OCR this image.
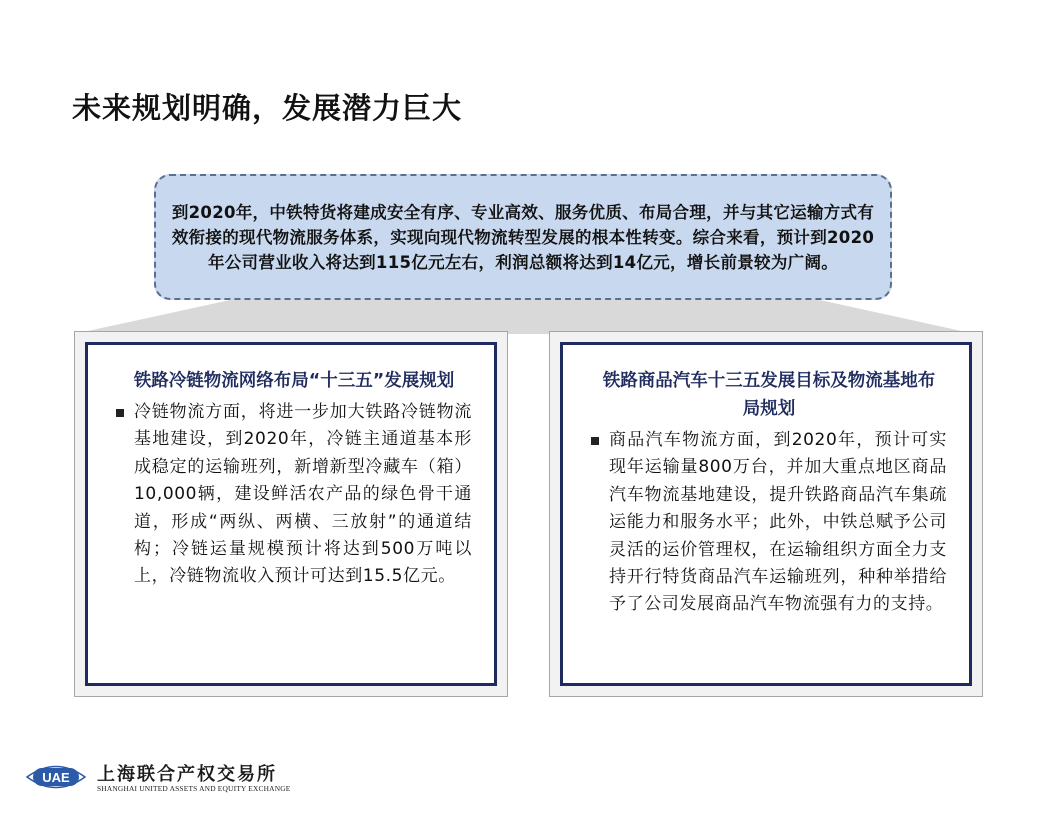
未来规划明确，发展潜力巨大
到2020年，中铁特货将建成安全有序、专业高效、服务优质、布局合理，并与其它运输方式有效衔接的现代物流服务体系，实现向现代物流转型发展的根本性转变。综合来看，预计到2020年公司营业收入将达到115亿元左右，利润总额将达到14亿元，增长前景较为广阔。
铁路冷链物流网络布局“十三五”发展规划
冷链物流方面，将进一步加大铁路冷链物流基地建设，到2020年，冷链主通道基本形成稳定的运输班列，新增新型冷藏车（箱）10,000辆，建设鲜活农产品的绿色骨干通道，形成“两纵、两横、三放射”的通道结构；冷链运量规模预计将达到500万吨以上，冷链物流收入预计可达到15.5亿元。
铁路商品汽车十三五发展目标及物流基地布局规划
商品汽车物流方面，到2020年，预计可实现年运输量800万台，并加大重点地区商品汽车物流基地建设，提升铁路商品汽车集疏运能力和服务水平；此外，中铁总赋予公司灵活的运价管理权，在运输组织方面全力支持开行特货商品汽车运输班列，种种举措给予了公司发展商品汽车物流强有力的支持。
UAE 上海联合产权交易所
SHANGHAI UNITED ASSETS AND EQUITY EXCHANGE
